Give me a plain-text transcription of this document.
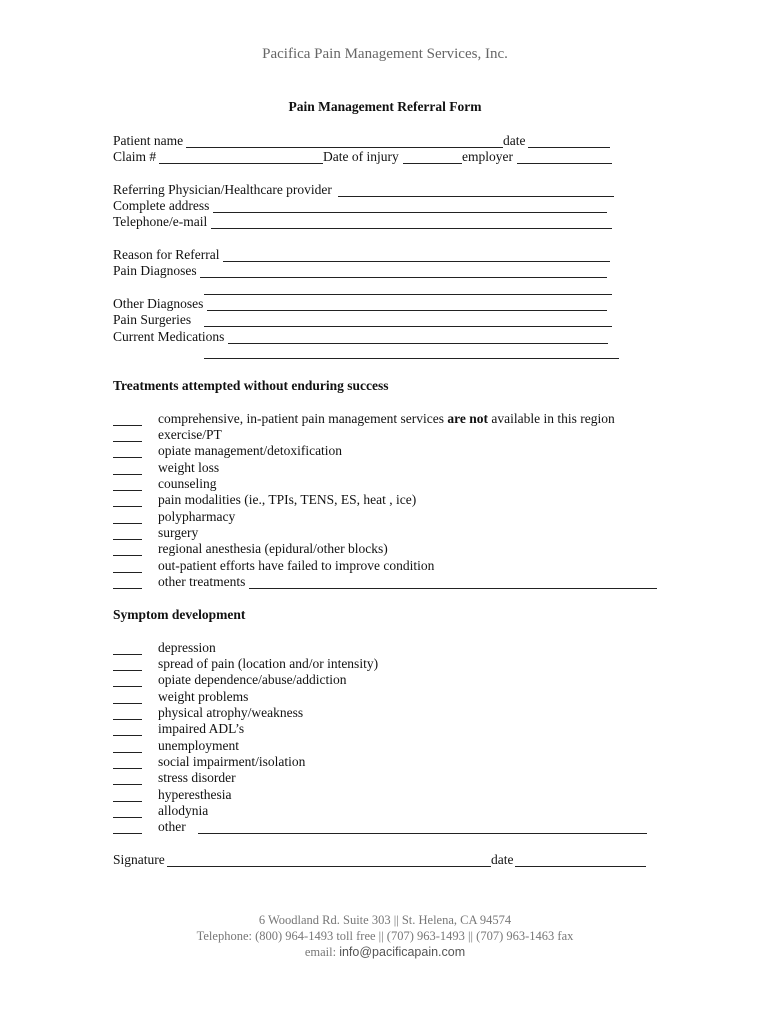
Pacifica Pain Management Services, Inc.
Pain Management Referral Form
Patient name	date
Claim #	Date of injury	employer
Referring Physician/Healthcare provider
Complete address
Telephone/e-mail
Reason for Referral
Pain Diagnoses
Other Diagnoses
Pain Surgeries
Current Medications
Treatments attempted without enduring success
comprehensive, in-patient pain management services are not available in this region
exercise/PT
opiate management/detoxification
weight loss
counseling
pain modalities (ie., TPIs, TENS, ES, heat , ice)
polypharmacy
surgery
regional anesthesia (epidural/other blocks)
out-patient efforts have failed to improve condition
other treatments
Symptom development
depression
spread of pain (location and/or intensity)
opiate dependence/abuse/addiction
weight problems
physical atrophy/weakness
impaired ADL’s
unemployment
social impairment/isolation
stress disorder
hyperesthesia
allodynia
other
Signature	date
6 Woodland Rd. Suite 303 || St. Helena, CA 94574
Telephone: (800) 964-1493 toll free || (707) 963-1493 || (707) 963-1463 fax
email: info@pacificapain.com
